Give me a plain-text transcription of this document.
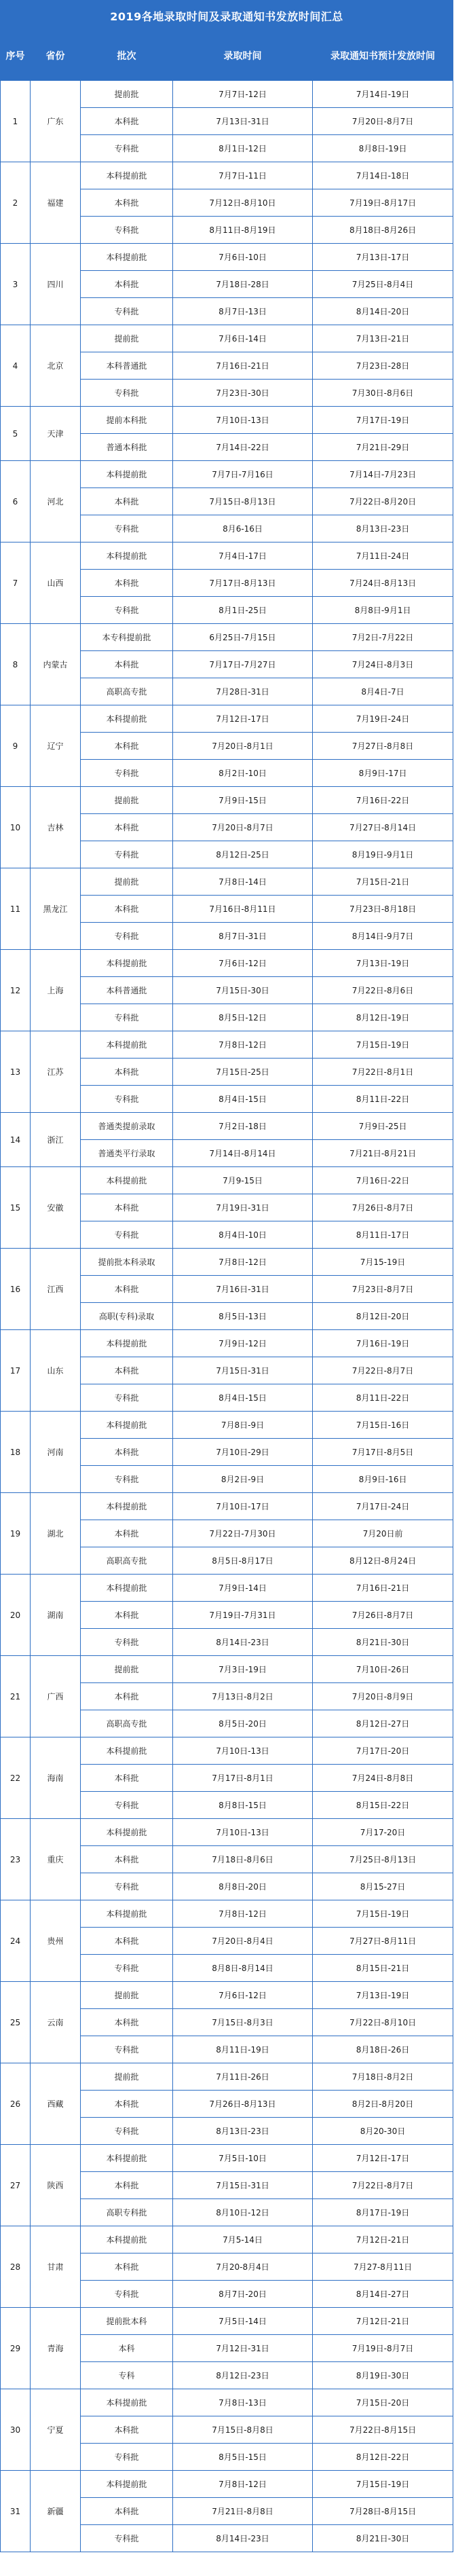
2019各地录取时间及录取通知书发放时间汇总				
序号	省份	批次	录取时间	录取通知书预计发放时间
1	广东	提前批	7月7日-12日	7月14日-19日
		本科批	7月13日-31日	7月20日-8月7日
		专科批	8月1日-12日	8月8日-19日
2	福建	本科提前批	7月7日-11日	7月14日-18日
		本科批	7月12日-8月10日	7月19日-8月17日
		专科批	8月11日-8月19日	8月18日-8月26日
3	四川	本科提前批	7月6日-10日	7月13日-17日
		本科批	7月18日-28日	7月25日-8月4日
		专科批	8月7日-13日	8月14日-20日
4	北京	提前批	7月6日-14日	7月13日-21日
		本科普通批	7月16日-21日	7月23日-28日
		专科批	7月23日-30日	7月30日-8月6日
5	天津	提前本科批	7月10日-13日	7月17日-19日
		普通本科批	7月14日-22日	7月21日-29日
6	河北	本科提前批	7月7日-7月16日	7月14日-7月23日
		本科批	7月15日-8月13日	7月22日-8月20日
		专科批	8月6-16日	8月13日-23日
7	山西	本科提前批	7月4日-17日	7月11日-24日
		本科批	7月17日-8月13日	7月24日-8月13日
		专科批	8月1日-25日	8月8日-9月1日
8	内蒙古	本专科提前批	6月25日-7月15日	7月2日-7月22日
		本科批	7月17日-7月27日	7月24日-8月3日
		高职高专批	7月28日-31日	8月4日-7日
9	辽宁	本科提前批	7月12日-17日	7月19日-24日
		本科批	7月20日-8月1日	7月27日-8月8日
		专科批	8月2日-10日	8月9日-17日
10	吉林	提前批	7月9日-15日	7月16日-22日
		本科批	7月20日-8月7日	7月27日-8月14日
		专科批	8月12日-25日	8月19日-9月1日
11	黑龙江	提前批	7月8日-14日	7月15日-21日
		本科批	7月16日-8月11日	7月23日-8月18日
		专科批	8月7日-31日	8月14日-9月7日
12	上海	本科提前批	7月6日-12日	7月13日-19日
		本科普通批	7月15日-30日	7月22日-8月6日
		专科批	8月5日-12日	8月12日-19日
13	江苏	本科提前批	7月8日-12日	7月15日-19日
		本科批	7月15日-25日	7月22日-8月1日
		专科批	8月4日-15日	8月11日-22日
14	浙江	普通类提前录取	7月2日-18日	7月9日-25日
		普通类平行录取	7月14日-8月14日	7月21日-8月21日
15	安徽	本科提前批	7月9-15日	7月16日-22日
		本科批	7月19日-31日	7月26日-8月7日
		专科批	8月4日-10日	8月11日-17日
16	江西	提前批本科录取	7月8日-12日	7月15-19日
		本科批	7月16日-31日	7月23日-8月7日
		高职(专科)录取	8月5日-13日	8月12日-20日
17	山东	本科提前批	7月9日-12日	7月16日-19日
		本科批	7月15日-31日	7月22日-8月7日
		专科批	8月4日-15日	8月11日-22日
18	河南	本科提前批	7月8日-9日	7月15日-16日
		本科批	7月10日-29日	7月17日-8月5日
		专科批	8月2日-9日	8月9日-16日
19	湖北	本科提前批	7月10日-17日	7月17日-24日
		本科批	7月22日-7月30日	7月20日前
		高职高专批	8月5日-8月17日	8月12日-8月24日
20	湖南	本科提前批	7月9日-14日	7月16日-21日
		本科批	7月19日-7月31日	7月26日-8月7日
		专科批	8月14日-23日	8月21日-30日
21	广西	提前批	7月3日-19日	7月10日-26日
		本科批	7月13日-8月2日	7月20日-8月9日
		高职高专批	8月5日-20日	8月12日-27日
22	海南	本科提前批	7月10日-13日	7月17日-20日
		本科批	7月17日-8月1日	7月24日-8月8日
		专科批	8月8日-15日	8月15日-22日
23	重庆	本科提前批	7月10日-13日	7月17-20日
		本科批	7月18日-8月6日	7月25日-8月13日
		专科批	8月8日-20日	8月15-27日
24	贵州	本科提前批	7月8日-12日	7月15日-19日
		本科批	7月20日-8月4日	7月27日-8月11日
		专科批	8月8日-8月14日	8月15日-21日
25	云南	提前批	7月6日-12日	7月13日-19日
		本科批	7月15日-8月3日	7月22日-8月10日
		专科批	8月11日-19日	8月18日-26日
26	西藏	提前批	7月11日-26日	7月18日-8月2日
		本科批	7月26日-8月13日	8月2日-8月20日
		专科批	8月13日-23日	8月20-30日
27	陕西	本科提前批	7月5日-10日	7月12日-17日
		本科批	7月15日-31日	7月22日-8月7日
		高职专科批	8月10日-12日	8月17日-19日
28	甘肃	本科提前批	7月5-14日	7月12日-21日
		本科批	7月20-8月4日	7月27-8月11日
		专科批	8月7日-20日	8月14日-27日
29	青海	提前批本科	7月5日-14日	7月12日-21日
		本科	7月12日-31日	7月19日-8月7日
		专科	8月12日-23日	8月19日-30日
30	宁夏	本科提前批	7月8日-13日	7月15日-20日
		本科批	7月15日-8月8日	7月22日-8月15日
		专科批	8月5日-15日	8月12日-22日
31	新疆	本科提前批	7月8日-12日	7月15日-19日
		本科批	7月21日-8月8日	7月28日-8月15日
		专科批	8月14日-23日	8月21日-30日
